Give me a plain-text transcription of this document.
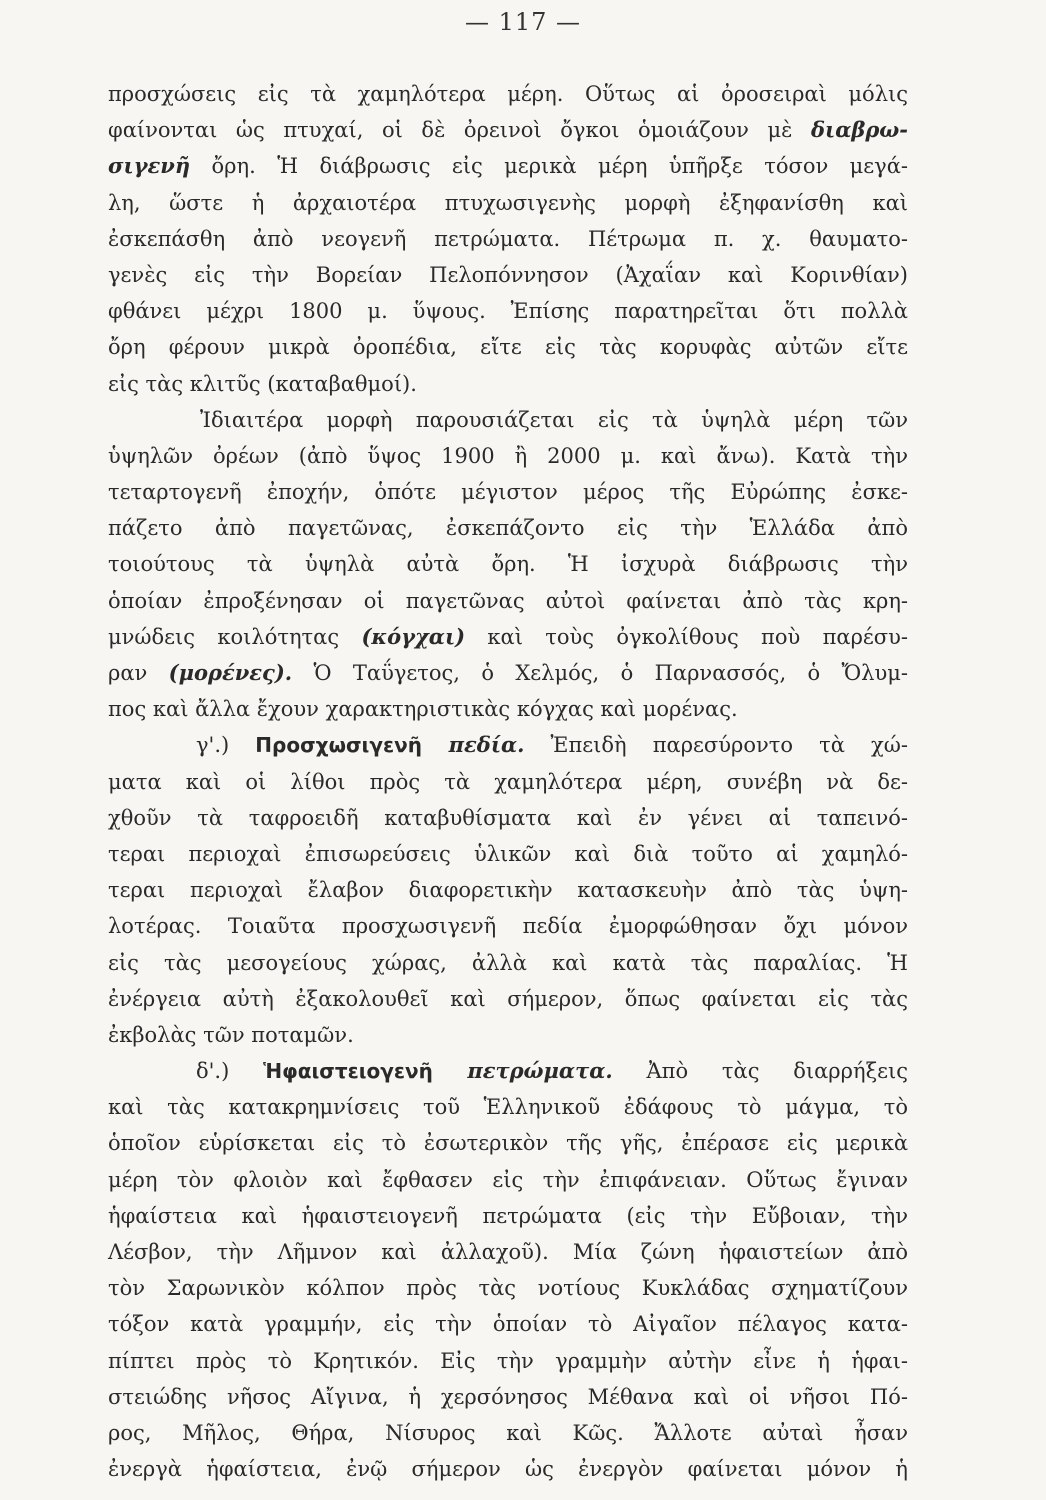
— 117 —
προσχώσεις εἰς τὰ χαμηλότερα μέρη. Οὕτως αἱ ὀροσειραὶ μόλις
φαίνονται ὡς πτυχαί, οἱ δὲ ὀρεινοὶ ὄγκοι ὁμοιάζουν μὲ διαβρω-
σιγενῆ ὄρη. Ἡ διάβρωσις εἰς μερικὰ μέρη ὑπῆρξε τόσον μεγά-
λη, ὥστε ἡ ἀρχαιοτέρα πτυχωσιγενὴς μορφὴ ἐξηφανίσθη καὶ
ἐσκεπάσθη ἀπὸ νεογενῆ πετρώματα. Πέτρωμα π. χ. θαυματο-
γενὲς εἰς τὴν Βορείαν Πελοπόννησον (Ἀχαΐαν καὶ Κορινθίαν)
φθάνει μέχρι 1800 μ. ὕψους. Ἐπίσης παρατηρεῖται ὅτι πολλὰ
ὄρη φέρουν μικρὰ ὀροπέδια, εἴτε εἰς τὰς κορυφὰς αὐτῶν εἴτε
εἰς τὰς κλιτῦς (καταβαθμοί).
Ἰδιαιτέρα μορφὴ παρουσιάζεται εἰς τὰ ὑψηλὰ μέρη τῶν
ὑψηλῶν ὀρέων (ἀπὸ ὕψος 1900 ἢ 2000 μ. καὶ ἄνω). Κατὰ τὴν
τεταρτογενῆ ἐποχήν, ὁπότε μέγιστον μέρος τῆς Εὐρώπης ἐσκε-
πάζετο ἀπὸ παγετῶνας, ἐσκεπάζοντο εἰς τὴν Ἑλλάδα ἀπὸ
τοιούτους τὰ ὑψηλὰ αὐτὰ ὄρη. Ἡ ἰσχυρὰ διάβρωσις τὴν
ὁποίαν ἐπροξένησαν οἱ παγετῶνας αὐτοὶ φαίνεται ἀπὸ τὰς κρη-
μνώδεις κοιλότητας (κόγχαι) καὶ τοὺς ὀγκολίθους ποὺ παρέσυ-
ραν (μορένες). Ὁ Ταΰγετος, ὁ Χελμός, ὁ Παρνασσός, ὁ Ὄλυμ-
πος καὶ ἄλλα ἔχουν χαρακτηριστικὰς κόγχας καὶ μορένας.
γ'.) Προσχωσιγενῆ πεδία. Ἐπειδὴ παρεσύροντο τὰ χώ-
ματα καὶ οἱ λίθοι πρὸς τὰ χαμηλότερα μέρη, συνέβη νὰ δε-
χθοῦν τὰ ταφροειδῆ καταβυθίσματα καὶ ἐν γένει αἱ ταπεινό-
τεραι περιοχαὶ ἐπισωρεύσεις ὑλικῶν καὶ διὰ τοῦτο αἱ χαμηλό-
τεραι περιοχαὶ ἔλαβον διαφορετικὴν κατασκευὴν ἀπὸ τὰς ὑψη-
λοτέρας. Τοιαῦτα προσχωσιγενῆ πεδία ἐμορφώθησαν ὄχι μόνον
εἰς τὰς μεσογείους χώρας, ἀλλὰ καὶ κατὰ τὰς παραλίας. Ἡ
ἐνέργεια αὐτὴ ἐξακολουθεῖ καὶ σήμερον, ὅπως φαίνεται εἰς τὰς
ἐκβολὰς τῶν ποταμῶν.
δ'.) Ἡφαιστειογενῆ πετρώματα. Ἀπὸ τὰς διαρρήξεις
καὶ τὰς κατακρημνίσεις τοῦ Ἑλληνικοῦ ἐδάφους τὸ μάγμα, τὸ
ὁποῖον εὑρίσκεται εἰς τὸ ἐσωτερικὸν τῆς γῆς, ἐπέρασε εἰς μερικὰ
μέρη τὸν φλοιὸν καὶ ἔφθασεν εἰς τὴν ἐπιφάνειαν. Οὕτως ἔγιναν
ἡφαίστεια καὶ ἡφαιστειογενῆ πετρώματα (εἰς τὴν Εὔβοιαν, τὴν
Λέσβον, τὴν Λῆμνον καὶ ἀλλαχοῦ). Μία ζώνη ἡφαιστείων ἀπὸ
τὸν Σαρωνικὸν κόλπον πρὸς τὰς νοτίους Κυκλάδας σχηματίζουν
τόξον κατὰ γραμμήν, εἰς τὴν ὁποίαν τὸ Αἰγαῖον πέλαγος κατα-
πίπτει πρὸς τὸ Κρητικόν. Εἰς τὴν γραμμὴν αὐτὴν εἶνε ἡ ἡφαι-
στειώδης νῆσος Αἴγινα, ἡ χερσόνησος Μέθανα καὶ οἱ νῆσοι Πό-
ρος, Μῆλος, Θήρα, Νίσυρος καὶ Κῶς. Ἄλλοτε αὐταὶ ἦσαν
ἐνεργὰ ἡφαίστεια, ἐνῷ σήμερον ὡς ἐνεργὸν φαίνεται μόνον ἡ
